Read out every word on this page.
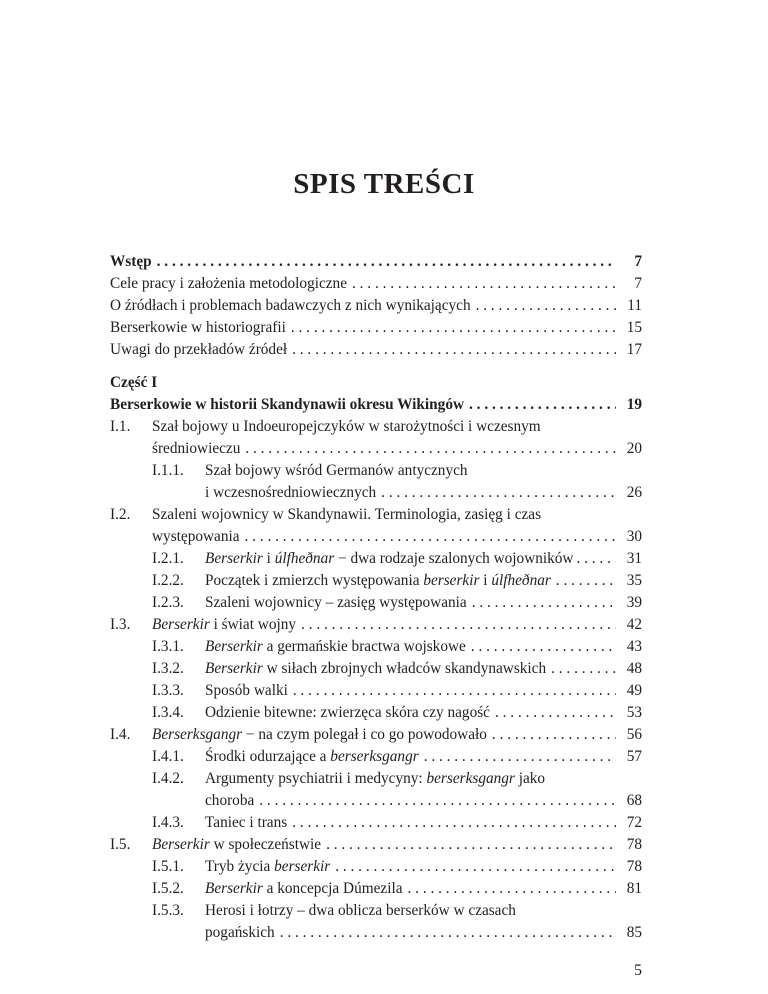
SPIS TREŚCI
Wstęp . . .	7
Cele pracy i założenia metodologiczne . . .	7
O źródłach i problemach badawczych z nich wynikających . . .	11
Berserkowie w historiografii . . .	15
Uwagi do przekładów źródeł . . .	17
Część I
Berserkowie w historii Skandynawii okresu Wikingów . . .	19
I.1. Szał bojowy u Indoeuropejczyków w starożytności i wczesnym
średniowieczu . . .	20
I.1.1. Szał bojowy wśród Germanów antycznych
i wczesnośredniowiecznych . . .	26
I.2. Szaleni wojownicy w Skandynawii. Terminologia, zasięg i czas
występowania . . .	30
I.2.1. Berserkir i úlfheðnar − dwa rodzaje szalonych wojowników . . .	31
I.2.2. Początek i zmierzch występowania berserkir i úlfheðnar . . .	35
I.2.3. Szaleni wojownicy – zasięg występowania . . .	39
I.3. Berserkir i świat wojny . . .	42
I.3.1. Berserkir a germańskie bractwa wojskowe . . .	43
I.3.2. Berserkir w siłach zbrojnych władców skandynawskich . . .	48
I.3.3. Sposób walki . . .	49
I.3.4. Odzienie bitewne: zwierzęca skóra czy nagość . . .	53
I.4. Berserksgangr − na czym polegał i co go powodowało . . .	56
I.4.1. Środki odurzające a berserksgangr . . .	57
I.4.2. Argumenty psychiatrii i medycyny: berserksgangr jako
choroba . . .	68
I.4.3. Taniec i trans . . .	72
I.5. Berserkir w społeczeństwie . . .	78
I.5.1. Tryb życia berserkir . . .	78
I.5.2. Berserkir a koncepcja Dúmezila . . .	81
I.5.3. Herosi i łotrzy – dwa oblicza berserków w czasach
pogańskich . . .	85
5
